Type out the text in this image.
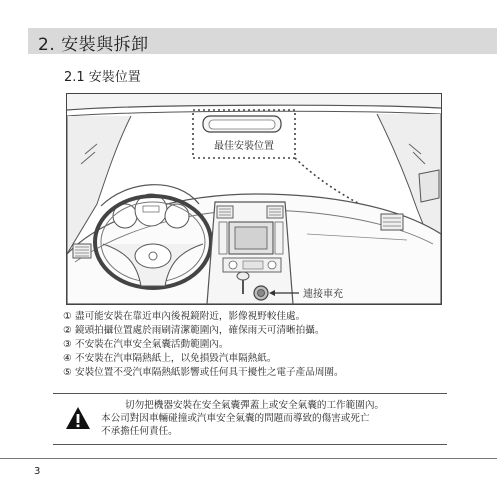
2. 安裝與拆卸
2.1 安裝位置
最佳安裝位置
連接車充
① 盡可能安裝在靠近車內後視鏡附近，影像視野較佳處。
② 鏡頭拍攝位置處於雨刷清潔範圍內，確保雨天可清晰拍攝。
③ 不安裝在汽車安全氣囊活動範圍內。
④ 不安裝在汽車隔熱紙上，以免損毀汽車隔熱紙。
⑤ 安裝位置不受汽車隔熱紙影響或任何具干擾性之電子產品周圍。
切勿把機器安裝在安全氣囊彈蓋上或安全氣囊的工作範圍內。
本公司對因車輛碰撞或汽車安全氣囊的問題而導致的傷害或死亡
不承擔任何責任。
3
